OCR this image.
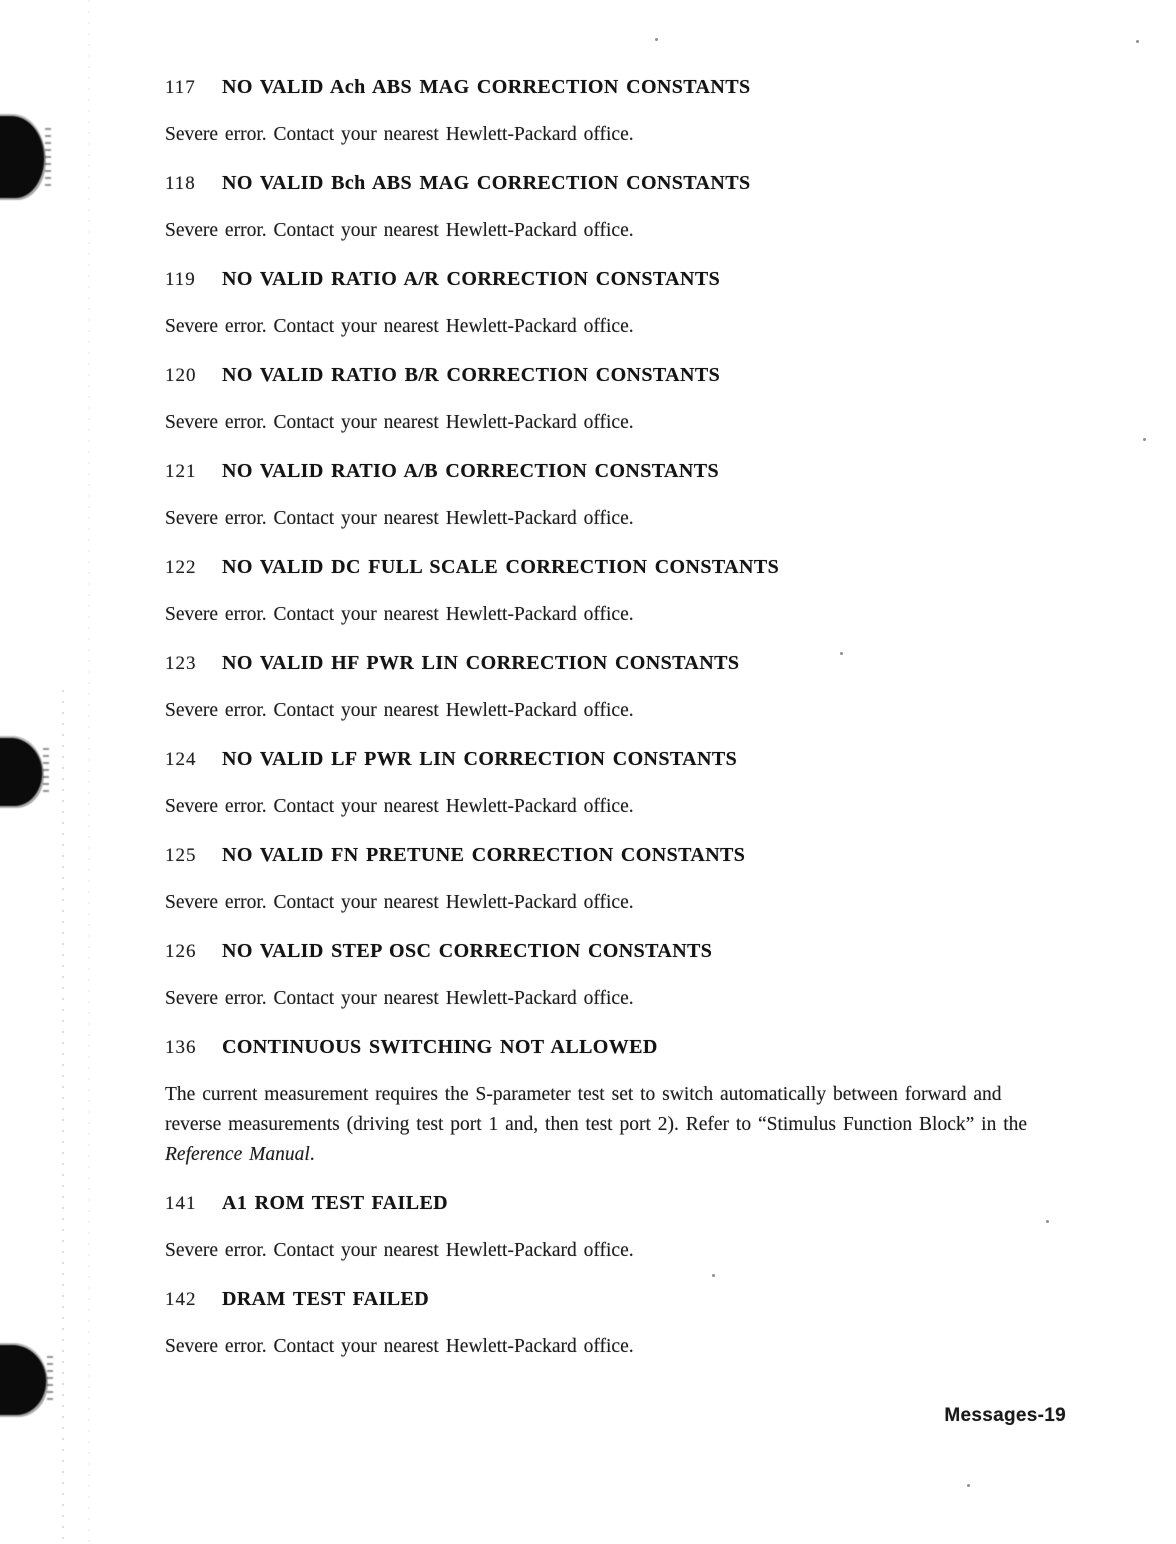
117	NO VALID Ach ABS MAG CORRECTION CONSTANTS

Severe error. Contact your nearest Hewlett-Packard office.

118	NO VALID Bch ABS MAG CORRECTION CONSTANTS

Severe error. Contact your nearest Hewlett-Packard office.

119	NO VALID RATIO A/R CORRECTION CONSTANTS

Severe error. Contact your nearest Hewlett-Packard office.

120	NO VALID RATIO B/R CORRECTION CONSTANTS

Severe error. Contact your nearest Hewlett-Packard office.

121	NO VALID RATIO A/B CORRECTION CONSTANTS

Severe error. Contact your nearest Hewlett-Packard office.

122	NO VALID DC FULL SCALE CORRECTION CONSTANTS

Severe error. Contact your nearest Hewlett-Packard office.

123	NO VALID HF PWR LIN CORRECTION CONSTANTS

Severe error. Contact your nearest Hewlett-Packard office.

124	NO VALID LF PWR LIN CORRECTION CONSTANTS

Severe error. Contact your nearest Hewlett-Packard office.

125	NO VALID FN PRETUNE CORRECTION CONSTANTS

Severe error. Contact your nearest Hewlett-Packard office.

126	NO VALID STEP OSC CORRECTION CONSTANTS

Severe error. Contact your nearest Hewlett-Packard office.

136	CONTINUOUS SWITCHING NOT ALLOWED

The current measurement requires the S-parameter test set to switch automatically between forward and reverse measurements (driving test port 1 and, then test port 2). Refer to “Stimulus Function Block” in the Reference Manual.

141	A1 ROM TEST FAILED

Severe error. Contact your nearest Hewlett-Packard office.

142	DRAM TEST FAILED

Severe error. Contact your nearest Hewlett-Packard office.

Messages-19
